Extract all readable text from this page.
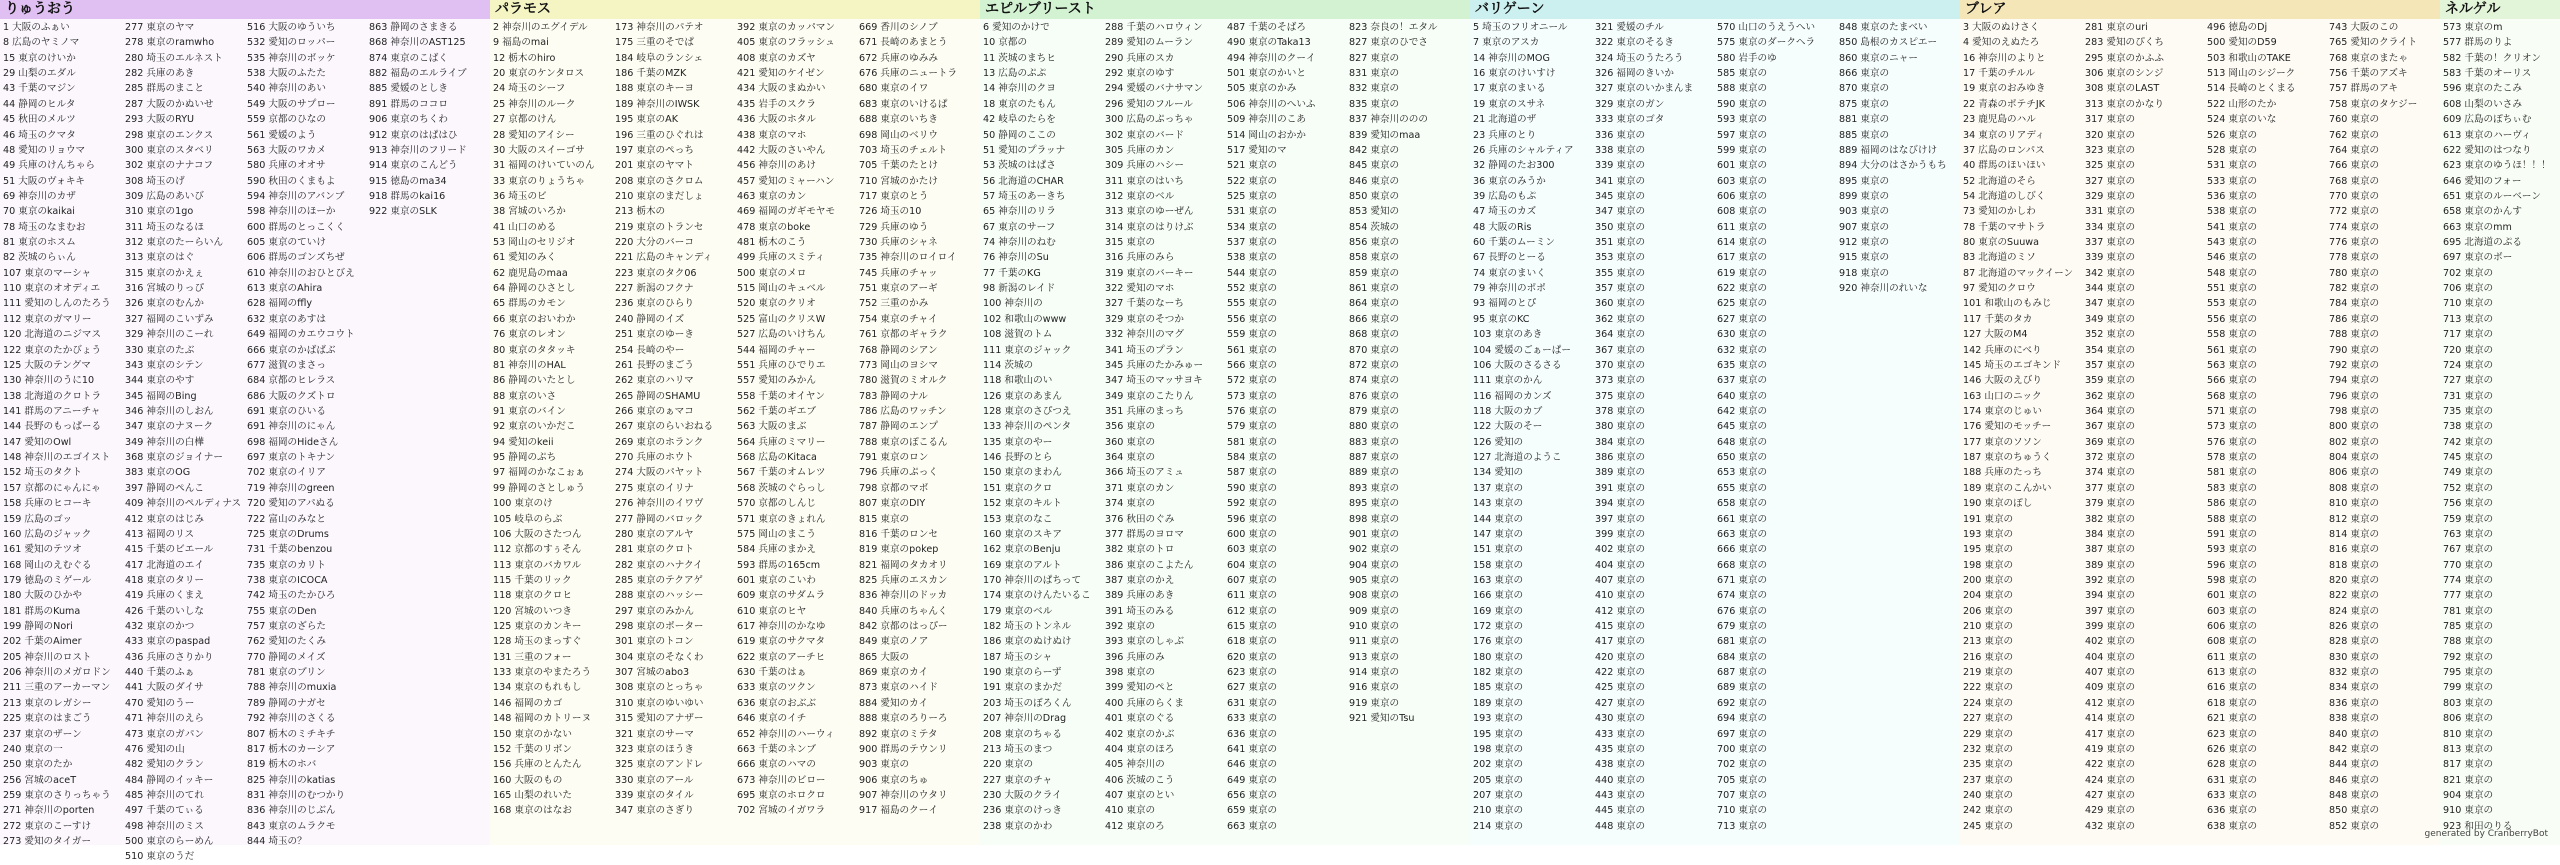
りゅうおう
1 大阪のふぁい
8 広島のヤミノマ
15 東京のけいか
29 山梨のエダル
43 千葉のマジン
44 静岡のヒルタ
45 秋田のメルツ
46 埼玉のクマタ
48 愛知のリョウマ
49 兵庫のけんちゃら
51 大阪のヴォキキ
69 神奈川のカザ
70 東京のkaikai
78 埼玉のなまむお
81 東京のホスム
82 茨城のらぃん
107 東京のマーシャ
110 東京のオオディエ
111 愛知のしんのたろう
112 東京のガマリー
120 北海道のニジマス
122 東京のたかびょう
125 大阪のテングマ
130 神奈川のうに10
138 北海道のクロトラ
141 群馬のアニーチャ
144 長野のもっぱーる
147 愛知のOwl
148 神奈川のエゴイスト
152 埼玉のタクト
157 京都のにゃんにゃ
158 兵庫のヒコーキ
159 広島のゴッ
160 広島のジャック
161 愛知のテツオ
168 岡山のえむぐる
179 徳島のミゲール
180 大阪のひかや
181 群馬のKuma
199 静岡のNori
202 千葉のAimer
205 神奈川のロスト
206 神奈川のメガロドン
211 三重のアーカーマン
213 東京のレガシー
225 東京のはまごう
237 東京のザーン
240 東京の一
250 東京のたか
256 宮城のaceT
259 東京のさりっちゃう
271 神奈川のporten
272 東京のこーすけ
273 愛知のタイガー
277 東京のヤマ
278 東京のramwho
280 埼玉のエルネスト
282 兵庫のあき
285 群馬のまこと
287 大阪のかぬいせ
293 大阪のRYU
298 東京のエンクス
300 東京のスタベリ
302 東京のナナコフ
308 埼玉のげ
309 広島のあいび
310 東京の1go
311 埼玉のなるほ
312 東京のたーらいん
313 東京のはぐ
315 東京のかえぇ
316 宮城のりっぴ
326 東京のむんか
327 福岡のこいずみ
329 神奈川のこーれ
330 東京のたぶ
343 東京のシテン
344 東京のやす
345 福岡のBing
346 神奈川のしおん
347 東京のナヌーク
349 神奈川の白樺
368 東京のジョイナー
383 東京のOG
397 静岡のぺんこ
409 神奈川のペルディナス
412 東京のはじみ
413 福岡のリス
415 千葉のビエール
417 北海道のエイ
418 東京のタリー
419 兵庫のくまえ
426 千葉のいしな
432 東京のかつ
433 東京のpaspad
436 兵庫のさりかり
440 千葉のふぁ
441 大阪のダイサ
470 愛知のうー
471 神奈川のえら
473 東京のガパン
476 愛知の山
482 愛知のクラン
484 静岡のイッキー
485 神奈川のてれ
497 千葉のてぃる
498 神奈川のミス
500 東京のらーめん
510 東京のうだ
516 大阪のゆういち
532 愛知のロッパー
535 神奈川のボッケ
538 大阪のふたた
540 神奈川のあい
549 大阪のサプロー
559 京都のひなの
561 愛媛のよう
563 大阪のワカメ
580 兵庫のオオサ
590 秋田のくまもよ
594 神奈川のアバンブ
598 神奈川のほーか
600 群馬のとっこくく
605 東京のていけ
606 群馬のゴンズちぜ
610 神奈川のおひとびえ
613 東京のAhira
628 福岡のffly
632 東京のあすは
649 福岡のカエウコウト
666 東京のかばばぶ
677 滋賀のまさっ
684 京都のヒレラス
686 大阪のクズトロ
691 東京のひいる
691 神奈川のにゃん
698 福岡のHideさん
697 東京のトキナン
702 東京のイリア
719 神奈川のgreen
720 愛知のアパぬる
722 富山のみなと
725 東京のDrums
731 千葉のbenzou
735 東京のカリト
738 東京のICOCA
742 埼玉のたかひろ
755 東京のDen
757 東京のざらた
762 愛知のたくみ
770 静岡のメイズ
781 東京のブリン
788 神奈川のmuxia
789 静岡のナガセ
792 神奈川のさくる
807 栃木のミチキチ
817 栃木のカーシア
819 栃木のホバ
825 神奈川のkatias
831 神奈川のむつかり
836 神奈川のじぶん
843 東京のムラクモ
844 埼玉の？
863 静岡のさまきる
868 神奈川のAST125
874 東京のこばく
882 福島のエルライブ
885 愛媛のとしき
891 群馬のココロ
906 東京のちくわ
912 東京のはぱはひ
913 神奈川のフリード
914 東京のこんどう
915 徳島のma34
918 群馬のkai16
922 東京のSLK
パラモス
2 神奈川のエグイデル
9 福島のmai
12 栃木のhiro
20 東京のケンタロス
24 埼玉のシーフ
25 神奈川のルーク
27 京都のけん
28 愛知のアイシー
30 大阪のスイーゴサ
31 福岡のけいていのん
33 東京のりょうちゃ
36 埼玉のビ
38 宮城のいろか
41 山口のめる
53 岡山のセリジオ
61 愛知のみく
62 鹿児島のmaa
64 静岡のひさとし
65 群馬のカモン
66 東京のおいわか
76 東京のレオン
80 東京のタタッキ
81 神奈川のHAL
86 静岡のいたとし
88 東京のいさ
91 東京のバイン
92 東京のいかだこ
94 愛知のkeii
95 静岡のぷち
97 福岡のかなこぉぁ
99 静岡のさとしゅう
100 東京のけ
105 岐阜のらぶ
106 大阪のさたつん
112 京都のすぅそん
113 東京のバカワル
115 千葉のリック
118 東京のクロヒ
120 宮城のいつき
125 東京のカンキー
128 埼玉のまっすぐ
131 三重のフォー
133 東京のやまたろう
134 東京のもれもし
146 福岡のカゴ
148 福岡のカトリーヌ
150 東京のかない
152 千葉のリボン
156 兵庫のとんたん
160 大阪のもの
165 山梨のれいた
168 東京のはなお
173 神奈川のパテオ
175 三重のそでぱ
184 岐阜のランシェ
186 千葉のMZK
188 東京のキーヨ
189 神奈川のIWSK
195 東京のAK
196 三重のひぐれは
197 東京のぺっち
201 東京のヤマト
208 東京のさクロム
210 東京のまだしょ
213 栃木の
219 東京のトランセ
220 大分のバーコ
221 広島のキャンディ
223 東京のタク06
227 新潟のフクナ
236 東京のひらり
240 静岡のイズ
251 東京のゆーき
254 長崎のやー
261 長野のまごう
262 東京のハリマ
265 静岡のSHAMU
266 東京のぁマコ
267 東京のらいおねる
269 東京のホランク
270 兵庫のホウト
274 大阪のパヤット
275 東京のイリナ
276 神奈川のイワヴ
277 静岡のバロック
280 東京のアルヤ
281 東京のクロト
282 東京のハナクイ
285 東京のテクアゲ
288 東京のハッシー
297 東京のみかん
298 東京のポーター
301 東京のトコン
304 東京のそなくわ
307 宮城のabo3
308 東京のとっちゃ
310 東京のゆいゆい
315 愛知のアナザー
321 東京のサーマ
323 東京のほうき
325 東京のアンドレ
330 東京のアール
339 東京のタイル
347 東京のさぎり
392 東京のカッパマン
405 東京のフラッシュ
408 東京のカズヤ
421 愛知のケイゼン
434 大阪のまぬかい
435 岩手のスクラ
436 大阪のホタル
438 東京のマホ
442 大阪のさいやん
456 神奈川のあけ
457 愛知のミャーハン
463 東京のカン
469 福岡のガギモヤモ
478 東京のboke
481 栃木のこう
499 兵庫のスミティ
500 東京のメロ
515 岡山のキュベル
520 東京のクリオ
525 富山のクリスW
527 広島のいけちん
544 福岡のチャー
551 兵庫のひでりエ
557 愛知のみかん
558 千葉のオイヤン
562 千葉のギエブ
563 大阪のまぶ
564 兵庫のミマリー
568 広島のKitaca
567 千葉のオムレツ
568 茨城のぐらっし
570 京都のしんじ
571 東京のきょれん
575 岡山のまこう
584 兵庫のまかえ
593 群馬の165cm
601 東京のこいわ
609 東京のサダムラ
610 東京のヒヤ
617 神奈川のかなゆ
619 東京のサクマタ
622 東京のアーチヒ
630 千葉のはぁ
633 東京のツクン
636 東京のおぶぶ
646 東京のイチ
652 神奈川のハーウィ
663 千葉のネンブ
666 東京のハマの
673 神奈川のビロー
695 東京のホロクロ
702 宮城のイガワラ
669 香川のシノブ
671 長崎のあまとう
672 兵庫のゆみみ
676 兵庫のニュートラ
680 東京のイワ
683 東京のいけるぱ
688 東京のいちき
698 岡山のベリウ
703 埼玉のチェルト
705 千葉のたとけ
710 宮城のかたけ
717 東京のとう
726 埼玉の10
729 兵庫のゆう
730 兵庫のシャネ
735 神奈川のロイロイ
745 兵庫のチャッ
751 東京のアーギ
752 三重のかみ
754 東京のチャイ
761 京都のギャラク
768 静岡のシアン
773 岡山のヨシマ
780 滋賀のミオルク
783 静岡のナル
786 広島のワッチン
787 静岡のエンプ
788 東京のぽこるん
791 東京のロン
796 兵庫のぷっく
798 京都のマボ
807 東京のDIY
815 東京の
816 千葉のロンセ
819 東京のpokep
821 福岡のタカオリ
825 兵庫のエスカン
836 神奈川のドッカ
840 兵庫のちゃんく
842 京都のはっぴー
849 東京のノア
865 大阪の
869 東京のカイ
873 東京のハイド
884 愛知のカイ
888 東京のろりーろ
892 東京のミテタ
900 群馬のテウンリ
903 東京の
906 東京のちゅ
907 神奈川のウタリ
917 福島のクーイ
エピルブリースト
6 愛知のかけで
10 京都の
11 茨城のまちヒ
13 広島のぷぷ
14 神奈川のクヨ
18 東京のたもん
42 岐阜のたらを
50 静岡のここの
51 愛知のプラッナ
53 茨城のはぱさ
56 北海道のCHAR
57 埼玉のあーきち
65 神奈川のリラ
67 東京のサーフ
74 神奈川のねむ
76 神奈川のSu
77 千葉のKG
98 新潟のレイド
100 神奈川の
102 和歌山のwww
108 滋賀のトム
111 東京のジャック
114 茨城の
118 和歌山のい
126 東京のあまん
128 東京のさぴつえ
133 神奈川のペンタ
135 東京のやー
146 長野のとら
150 東京のまわん
151 東京のクロ
152 東京のキルト
153 東京のなこ
160 東京のスキア
162 東京のBenju
169 東京のアルト
170 神奈川のぱちって
174 東京のけんたいるこ
179 東京のベル
182 埼玉のトンネル
186 東京のぬけぬけ
187 埼玉のシャ
190 東京のらーず
191 東京のまかだ
203 埼玉のぼろくん
207 神奈川のDrag
208 東京のちゃる
213 埼玉のまつ
220 東京の
227 東京のチャ
230 大阪のクライ
236 東京のけっき
238 東京のかわ
288 千葉のハロウィン
289 愛知のムーラン
290 兵庫のスカ
292 東京のゆす
294 愛媛のバナサマン
296 愛知のフルール
300 広島のぷっちゃ
302 東京のバード
305 兵庫のカン
309 兵庫のハシー
311 東京のはいち
312 東京のベル
313 東京のゆーぜん
314 東京のはりけぶ
315 東京の
316 兵庫のみら
319 東京のバーキー
322 愛知のマホ
327 千葉のなーち
329 東京のそつか
332 神奈川のマグ
341 埼玉のプラン
345 兵庫のたかみゅー
347 埼玉のマッサヨキ
349 東京のこたりん
351 兵庫のまっち
356 東京の
360 東京の
364 東京の
366 埼玉のアミュ
371 東京のカン
374 東京の
376 秋田のぐみ
377 群馬のヨロマ
382 東京のトロ
386 東京のこよたん
387 東京のかえ
389 兵庫のあき
391 埼玉のみる
392 東京の
393 東京のしゃぶ
396 兵庫のみ
398 東京の
399 愛知のぺと
400 兵庫のらくま
401 東京のぐる
402 東京のかぶ
404 東京のほろ
405 神奈川の
406 茨城のこう
407 東京のとい
410 東京の
412 東京のろ
487 千葉のそばろ
490 東京のTaka13
494 神奈川のクーイ
501 東京のかいと
505 東京のかみ
506 神奈川のへいふ
509 神奈川のこあ
514 岡山のおかか
517 愛知のマ
521 東京の
522 東京の
525 東京の
531 東京の
534 東京の
537 東京の
538 東京の
544 東京の
552 東京の
555 東京の
556 東京の
559 東京の
561 東京の
566 東京の
572 東京の
573 東京の
576 東京の
579 東京の
581 東京の
584 東京の
587 東京の
590 東京の
592 東京の
596 東京の
600 東京の
603 東京の
604 東京の
607 東京の
611 東京の
612 東京の
615 東京の
618 東京の
620 東京の
623 東京の
627 東京の
631 東京の
633 東京の
636 東京の
641 東京の
646 東京の
649 東京の
656 東京の
659 東京の
663 東京の
823 奈良の！エタル
827 東京のひでさ
827 東京の
831 東京の
832 東京の
835 東京の
837 神奈川ののの
839 愛知のmaa
842 東京の
845 東京の
846 東京の
850 東京の
853 愛知の
854 茨城の
856 東京の
858 東京の
859 東京の
861 東京の
864 東京の
866 東京の
868 東京の
870 東京の
872 東京の
874 東京の
876 東京の
879 東京の
880 東京の
883 東京の
887 東京の
889 東京の
893 東京の
895 東京の
898 東京の
901 東京の
902 東京の
904 東京の
905 東京の
908 東京の
909 東京の
910 東京の
911 東京の
913 東京の
914 東京の
916 東京の
919 東京の
921 愛知のTsu
バリゲーン
5 埼玉のフリオニール
7 東京のアスカ
14 神奈川のMOG
16 東京のけいすけ
17 東京のまいる
19 東京のスサネ
21 北海道のザ
23 兵庫のとり
26 兵庫のシャルティア
32 静岡のたお300
36 東京のみうか
39 広島のもぷ
47 埼玉のカズ
48 大阪のRis
60 千葉のムーミン
67 長野のとーる
74 東京のまいく
79 神奈川のポポ
93 福岡のとぴ
95 東京のKC
103 東京のあき
104 愛媛のごぁーぱー
106 大阪のさるさる
111 東京のかん
116 福岡のカンズ
118 大阪のカブ
122 大阪のそー
126 愛知の
127 北海道のようこ
134 愛知の
137 東京の
143 東京の
144 東京の
147 東京の
151 東京の
158 東京の
163 東京の
166 東京の
169 東京の
172 東京の
176 東京の
180 東京の
182 東京の
185 東京の
189 東京の
193 東京の
195 東京の
198 東京の
202 東京の
205 東京の
207 東京の
210 東京の
214 東京の
321 愛媛のチル
322 東京のそるき
324 埼玉のうたろう
326 福岡のきいか
327 東京のいかまんま
329 東京のガン
333 東京のゴタ
336 東京の
338 東京の
339 東京の
341 東京の
345 東京の
347 東京の
350 東京の
351 東京の
353 東京の
355 東京の
357 東京の
360 東京の
362 東京の
364 東京の
367 東京の
370 東京の
373 東京の
375 東京の
378 東京の
380 東京の
384 東京の
386 東京の
389 東京の
391 東京の
394 東京の
397 東京の
399 東京の
402 東京の
404 東京の
407 東京の
410 東京の
412 東京の
415 東京の
417 東京の
420 東京の
422 東京の
425 東京の
427 東京の
430 東京の
433 東京の
435 東京の
438 東京の
440 東京の
443 東京の
445 東京の
448 東京の
570 山口のうえうへい
575 東京のダークヘラ
580 岩手のゆ
585 東京の
588 東京の
590 東京の
593 東京の
597 東京の
599 東京の
601 東京の
603 東京の
606 東京の
608 東京の
611 東京の
614 東京の
617 東京の
619 東京の
622 東京の
625 東京の
627 東京の
630 東京の
632 東京の
635 東京の
637 東京の
640 東京の
642 東京の
645 東京の
648 東京の
650 東京の
653 東京の
655 東京の
658 東京の
661 東京の
663 東京の
666 東京の
668 東京の
671 東京の
674 東京の
676 東京の
679 東京の
681 東京の
684 東京の
687 東京の
689 東京の
692 東京の
694 東京の
697 東京の
700 東京の
702 東京の
705 東京の
707 東京の
710 東京の
713 東京の
848 東京のたまべい
850 島根のカスピエー
860 東京のニャー
866 東京の
870 東京の
875 東京の
881 東京の
885 東京の
889 福岡のはなびけけ
894 大分のはさかうもち
895 東京の
899 東京の
903 東京の
907 東京の
912 東京の
915 東京の
918 東京の
920 神奈川のれいな
ブレア
3 大阪のぬけさく
4 愛知のえぬたろ
16 神奈川のよりと
17 千葉のチルル
19 東京のおみゆき
22 青森のポテチJK
23 鹿児島のハル
34 東京のリアディ
37 広島のロンパス
40 群馬のほいほい
52 北海道のそら
54 北海道のしびく
73 愛知のかしわ
78 千葉のマサトラ
80 東京のSuuwa
83 北海道のミソ
87 北海道のマックイーン
97 愛知のクロウ
101 和歌山のもみじ
117 千葉のタカ
127 大阪のM4
142 兵庫のにべり
145 埼玉のエゴキンド
146 大阪のえびり
163 山口のニック
174 東京のじゅい
176 愛知のモッチー
177 東京のソソン
187 東京のちゅうく
188 兵庫のたっち
189 東京のこんかい
190 東京のぽし
191 東京の
193 東京の
195 東京の
198 東京の
200 東京の
204 東京の
206 東京の
210 東京の
213 東京の
216 東京の
219 東京の
222 東京の
224 東京の
227 東京の
229 東京の
232 東京の
235 東京の
237 東京の
240 東京の
242 東京の
245 東京の
281 東京のuri
283 愛知のぴくち
295 東京のかふふ
306 東京のシンジ
308 東京のLAST
313 東京のかなり
317 東京の
320 東京の
323 東京の
325 東京の
327 東京の
329 東京の
331 東京の
334 東京の
337 東京の
339 東京の
342 東京の
344 東京の
347 東京の
349 東京の
352 東京の
354 東京の
357 東京の
359 東京の
362 東京の
364 東京の
367 東京の
369 東京の
372 東京の
374 東京の
377 東京の
379 東京の
382 東京の
384 東京の
387 東京の
389 東京の
392 東京の
394 東京の
397 東京の
399 東京の
402 東京の
404 東京の
407 東京の
409 東京の
412 東京の
414 東京の
417 東京の
419 東京の
422 東京の
424 東京の
427 東京の
429 東京の
432 東京の
496 徳島のDj
500 愛知のD59
503 和歌山のTAKE
513 岡山のシジーク
514 長崎のとくまる
522 山形のたか
524 東京のいな
526 東京の
528 東京の
531 東京の
533 東京の
536 東京の
538 東京の
541 東京の
543 東京の
546 東京の
548 東京の
551 東京の
553 東京の
556 東京の
558 東京の
561 東京の
563 東京の
566 東京の
568 東京の
571 東京の
573 東京の
576 東京の
578 東京の
581 東京の
583 東京の
586 東京の
588 東京の
591 東京の
593 東京の
596 東京の
598 東京の
601 東京の
603 東京の
606 東京の
608 東京の
611 東京の
613 東京の
616 東京の
618 東京の
621 東京の
623 東京の
626 東京の
628 東京の
631 東京の
633 東京の
636 東京の
638 東京の
743 大阪のこの
765 愛知のクライト
768 東京のまたゃ
756 千葉のアズキ
757 群馬のアキ
758 東京のタケジー
760 東京の
762 東京の
764 東京の
766 東京の
768 東京の
770 東京の
772 東京の
774 東京の
776 東京の
778 東京の
780 東京の
782 東京の
784 東京の
786 東京の
788 東京の
790 東京の
792 東京の
794 東京の
796 東京の
798 東京の
800 東京の
802 東京の
804 東京の
806 東京の
808 東京の
810 東京の
812 東京の
814 東京の
816 東京の
818 東京の
820 東京の
822 東京の
824 東京の
826 東京の
828 東京の
830 東京の
832 東京の
834 東京の
836 東京の
838 東京の
840 東京の
842 東京の
844 東京の
846 東京の
848 東京の
850 東京の
852 東京の
ネルゲル
573 東京のm
577 群馬のりよ
582 千葉の！クリオン
583 千葉のオーリス
596 東京のたこみ
608 山梨のいさみ
609 広島のぽちぃむ
613 東京のハーヴィ
622 愛知のはつなり
623 東京のゆうほ！！！
646 愛知のフォー
651 東京のルーベーン
658 東京のかんす
663 東京のmm
695 北海道のぷる
697 東京のボー
702 東京の
706 東京の
710 東京の
713 東京の
717 東京の
720 東京の
724 東京の
727 東京の
731 東京の
735 東京の
738 東京の
742 東京の
745 東京の
749 東京の
752 東京の
756 東京の
759 東京の
763 東京の
767 東京の
770 東京の
774 東京の
777 東京の
781 東京の
785 東京の
788 東京の
792 東京の
795 東京の
799 東京の
803 東京の
806 東京の
810 東京の
813 東京の
817 東京の
821 東京の
904 東京の
910 東京の
923 和田のりる
generated by CranberryBot
